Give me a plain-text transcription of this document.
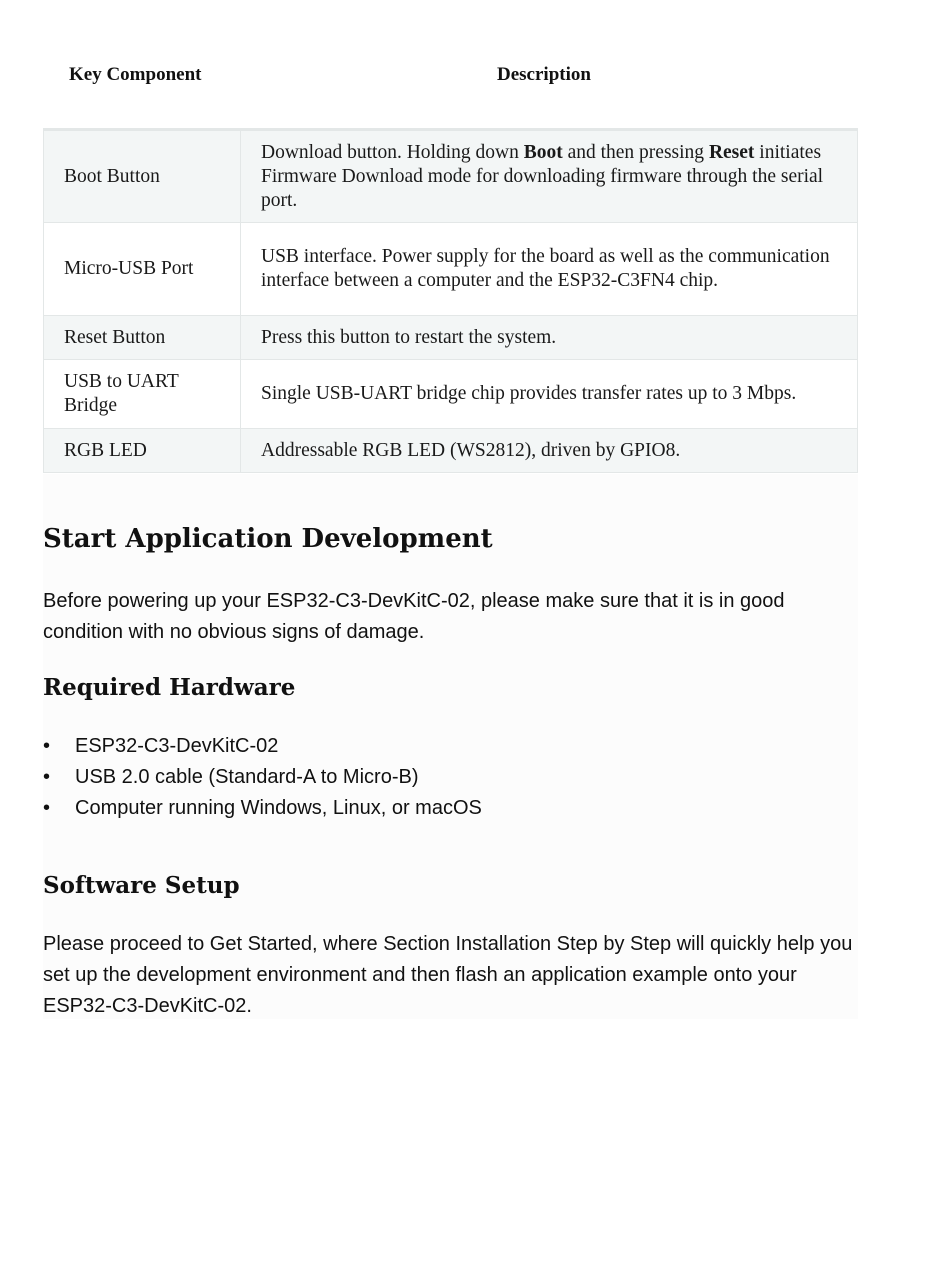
Key Component	Description
Boot Button	Download button. Holding down Boot and then pressing Reset initiates Firmware Download mode for downloading firmware through the serial port.
Micro-USB Port	USB interface. Power supply for the board as well as the communication interface between a computer and the ESP32-C3FN4 chip.
Reset Button	Press this button to restart the system.
USB to UART Bridge	Single USB-UART bridge chip provides transfer rates up to 3 Mbps.
RGB LED	Addressable RGB LED (WS2812), driven by GPIO8.
Start Application Development

Before powering up your ESP32-C3-DevKitC-02, please make sure that it is in good condition with no obvious signs of damage.

Required Hardware
• ESP32-C3-DevKitC-02
• USB 2.0 cable (Standard-A to Micro-B)
• Computer running Windows, Linux, or macOS
Software Setup

Please proceed to Get Started, where Section Installation Step by Step will quickly help you set up the development environment and then flash an application example onto your ESP32-C3-DevKitC-02.
